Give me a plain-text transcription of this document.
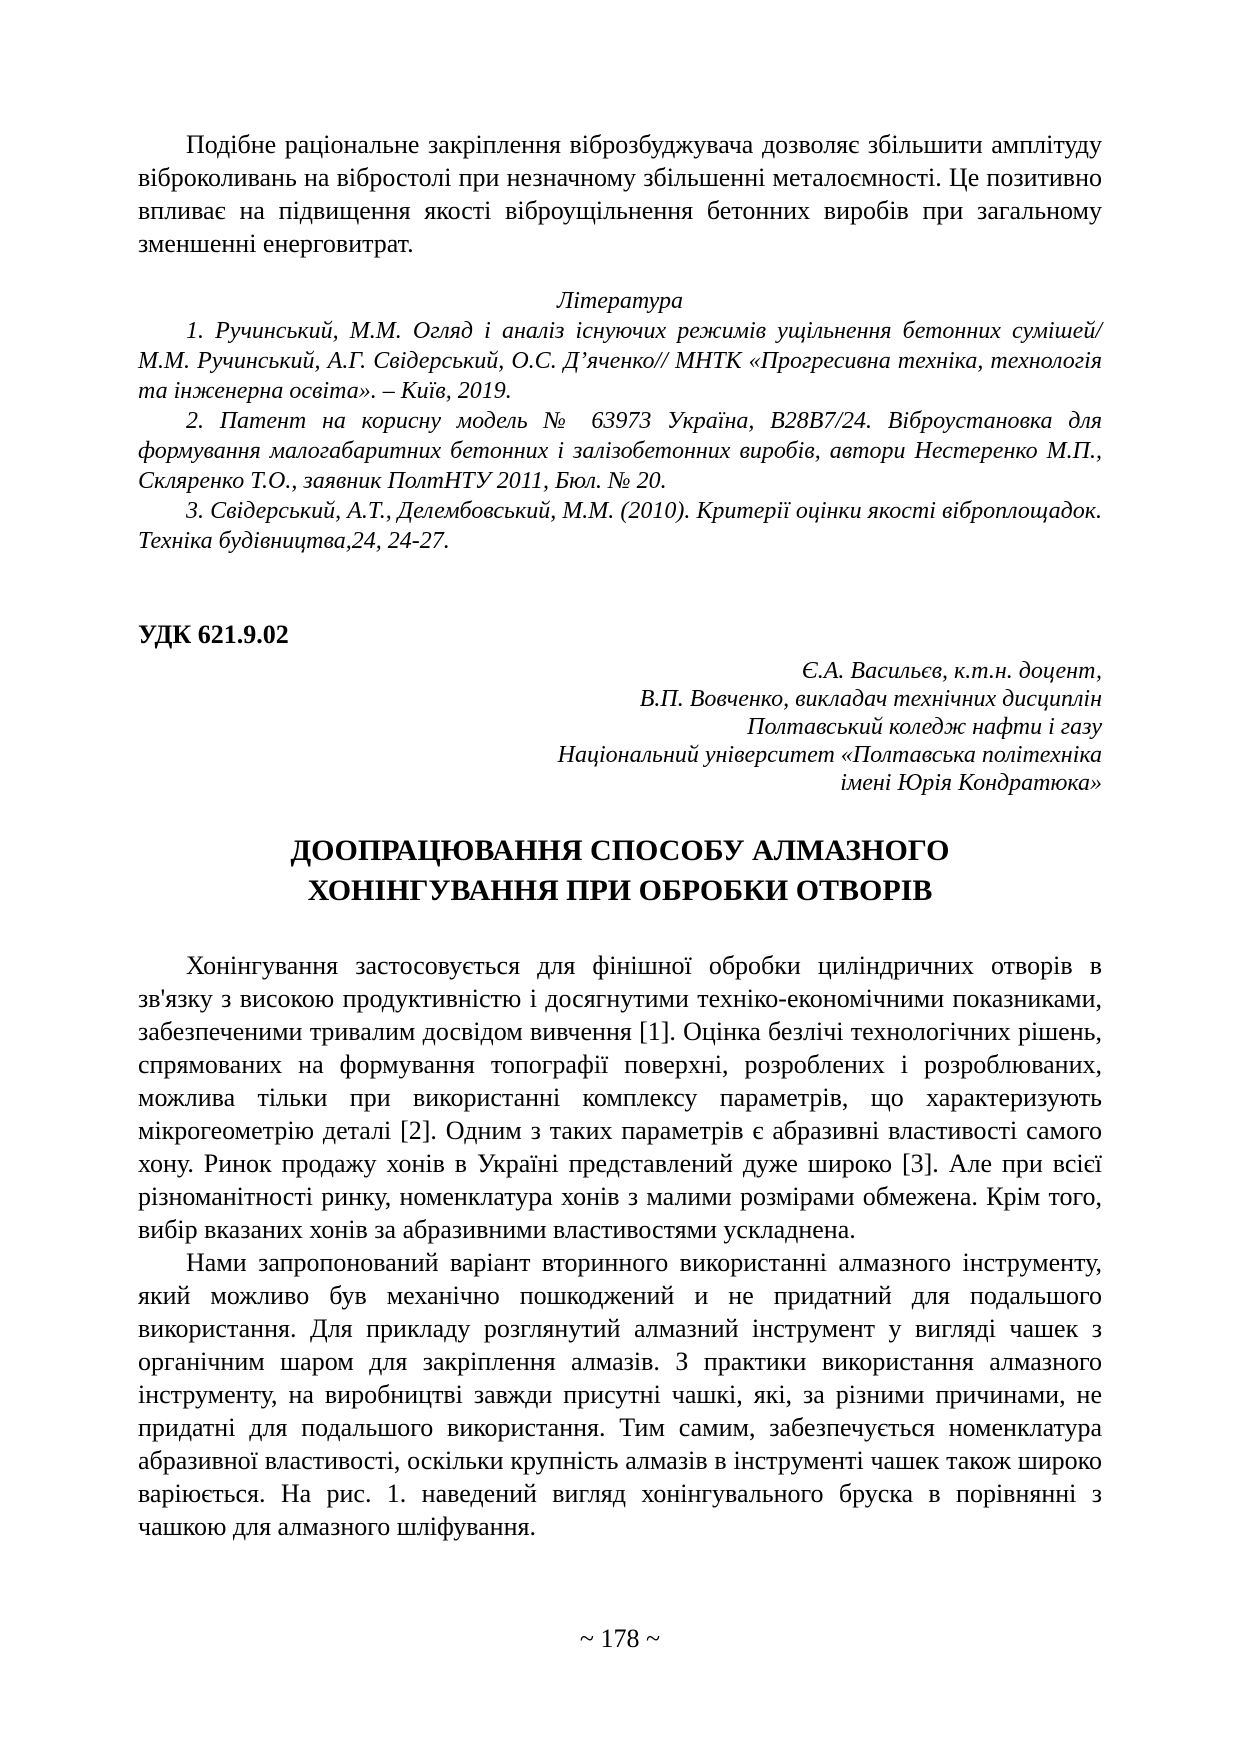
Подібне раціональне закріплення віброзбуджувача дозволяє збільшити амплітуду віброколивань на вібростолі при незначному збільшенні металоємності. Це позитивно впливає на підвищення якості віброущільнення бетонних виробів при загальному зменшенні енерговитрат.

Література

1. Ручинський, М.М. Огляд і аналіз існуючих режимів ущільнення бетонних сумішей/ М.М. Ручинський, А.Г. Свідерський, О.С. Д’яченко// МНТК «Прогресивна техніка, технологія та інженерна освіта». – Київ, 2019.

2. Патент на корисну модель № 63973 Україна, В28В7/24. Віброустановка для формування малогабаритних бетонних і залізобетонних виробів, автори Нестеренко М.П., Скляренко Т.О., заявник ПолтНТУ 2011, Бюл. № 20.

3. Свідерський, А.Т., Делембовський, М.М. (2010). Критерії оцінки якості віброплощадок. Техніка будівництва,24, 24-27.

УДК 621.9.02
Є.А. Васильєв, к.т.н. доцент,
В.П. Вовченко, викладач технічних дисциплін
Полтавський коледж нафти і газу
Національний університет «Полтавська політехніка
імені Юрія Кондратюка»
ДООПРАЦЮВАННЯ СПОСОБУ АЛМАЗНОГО
ХОНІНГУВАННЯ ПРИ ОБРОБКИ ОТВОРІВ

Хонінгування застосовується для фінішної обробки циліндричних отворів в зв'язку з високою продуктивністю і досягнутими техніко-економічними показниками, забезпеченими тривалим досвідом вивчення [1]. Оцінка безлічі технологічних рішень, спрямованих на формування топографії поверхні, розроблених і розроблюваних, можлива тільки при використанні комплексу параметрів, що характеризують мікрогеометрію деталі [2]. Одним з таких параметрів є абразивні властивості самого хону. Ринок продажу хонів в Україні представлений дуже широко [3]. Але при всієї різноманітності ринку, номенклатура хонів з малими розмірами обмежена. Крім того, вибір вказаних хонів за абразивними властивостями ускладнена.

Нами запропонований варіант вторинного використанні алмазного інструменту, який можливо був механічно пошкоджений и не придатний для подальшого використання. Для прикладу розглянутий алмазний інструмент у вигляді чашек з органічним шаром для закріплення алмазів. З практики використання алмазного інструменту, на виробництві завжди присутні чашкі, які, за різними причинами, не придатні для подальшого використання. Тим самим, забезпечується номенклатура абразивної властивості, оскільки крупність алмазів в інструменті чашек також широко варіюється. На рис. 1. наведений вигляд хонінгувального бруска в порівнянні з чашкою для алмазного шліфування.

~ 178 ~
